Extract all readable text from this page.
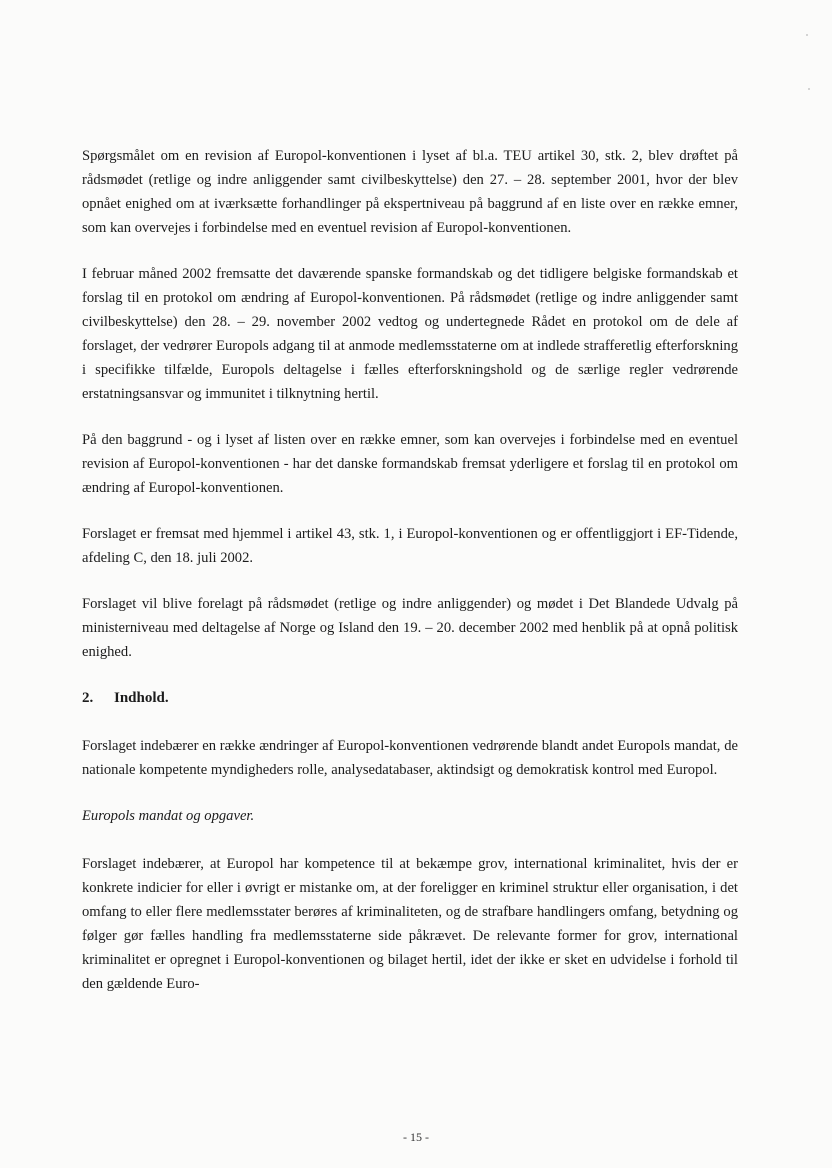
Spørgsmålet om en revision af Europol-konventionen i lyset af bl.a. TEU artikel 30, stk. 2, blev drøftet på rådsmødet (retlige og indre anliggender samt civilbeskyttelse) den 27. – 28. september 2001, hvor der blev opnået enighed om at iværksætte forhandlinger på ekspertniveau på baggrund af en liste over en række emner, som kan overvejes i forbindelse med en eventuel revision af Europol-konventionen.

I februar måned 2002 fremsatte det daværende spanske formandskab og det tidligere belgiske formandskab et forslag til en protokol om ændring af Europol-konventionen. På rådsmødet (retlige og indre anliggender samt civilbeskyttelse) den 28. – 29. november 2002 vedtog og undertegnede Rådet en protokol om de dele af forslaget, der vedrører Europols adgang til at anmode medlemsstaterne om at indlede strafferetlig efterforskning i specifikke tilfælde, Europols deltagelse i fælles efterforskningshold og de særlige regler vedrørende erstatningsansvar og immunitet i tilknytning hertil.

På den baggrund - og i lyset af listen over en række emner, som kan overvejes i forbindelse med en eventuel revision af Europol-konventionen - har det danske formandskab fremsat yderligere et forslag til en protokol om ændring af Europol-konventionen.

Forslaget er fremsat med hjemmel i artikel 43, stk. 1, i Europol-konventionen og er offentliggjort i EF-Tidende, afdeling C, den 18. juli 2002.

Forslaget vil blive forelagt på rådsmødet (retlige og indre anliggender) og mødet i Det Blandede Udvalg på ministerniveau med deltagelse af Norge og Island den 19. – 20. december 2002 med henblik på at opnå politisk enighed.

2. Indhold.

Forslaget indebærer en række ændringer af Europol-konventionen vedrørende blandt andet Europols mandat, de nationale kompetente myndigheders rolle, analysedatabaser, aktindsigt og demokratisk kontrol med Europol.

Europols mandat og opgaver.

Forslaget indebærer, at Europol har kompetence til at bekæmpe grov, international kriminalitet, hvis der er konkrete indicier for eller i øvrigt er mistanke om, at der foreligger en kriminel struktur eller organisation, i det omfang to eller flere medlemsstater berøres af kriminaliteten, og de strafbare handlingers omfang, betydning og følger gør fælles handling fra medlemsstaterne side påkrævet. De relevante former for grov, international kriminalitet er opregnet i Europol-konventionen og bilaget hertil, idet der ikke er sket en udvidelse i forhold til den gældende Euro-

- 15 -
